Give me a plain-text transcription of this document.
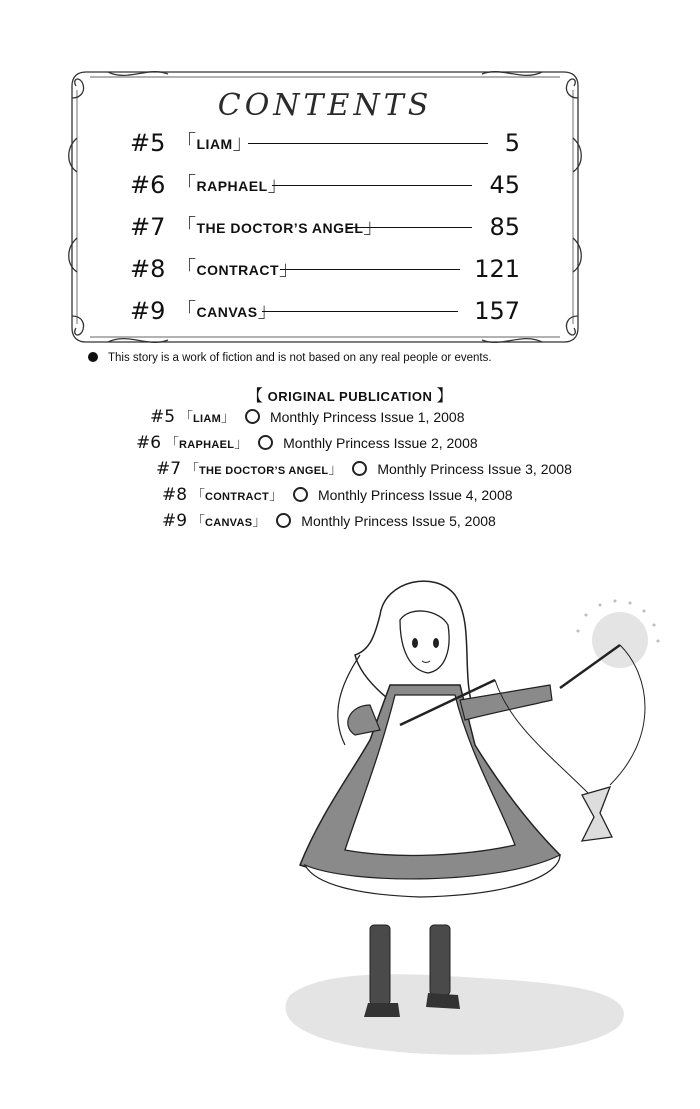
CONTENTS
#5 「LIAM」	5
#6 「RAPHAEL」	45
#7 「THE DOCTOR’S ANGEL」	85
#8 「CONTRACT」	121
#9 「CANVAS」	157
This story is a work of fiction and is not based on any real people or events.
【 ORIGINAL PUBLICATION 】
#5 「LIAM」 Monthly Princess Issue 1, 2008
#6 「RAPHAEL」 Monthly Princess Issue 2, 2008
#7 「THE DOCTOR’S ANGEL」 Monthly Princess Issue 3, 2008
#8 「CONTRACT」 Monthly Princess Issue 4, 2008
#9 「CANVAS」 Monthly Princess Issue 5, 2008
